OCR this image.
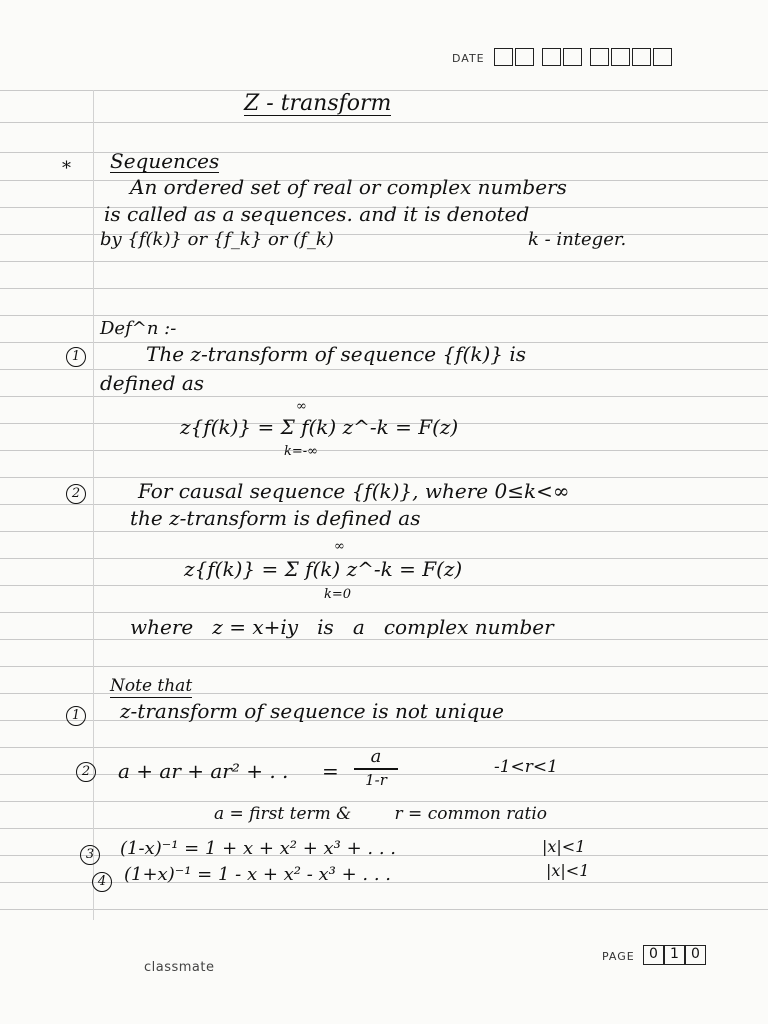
DATE
Z - transform
* Sequences
An ordered set of real or complex numbers
is called as a sequences. and it is denoted
by {f(k)} or {f_k} or (f_k)	k - integer.
Def^n :-
1	The z-transform of sequence {f(k)} is
defined as
∞
z{f(k)} = Σ f(k) z^-k = F(z)
k=-∞
2	For causal sequence {f(k)}, where 0≤k<∞
the z-transform is defined as
∞
z{f(k)} = Σ f(k) z^-k = F(z)
k=0
where   z = x+iy   is   a   complex number
Note that
1 z-transform of sequence is not unique
2 a + ar + ar² + . . =
a
1-r
-1<r<1
a = first term &        r = common ratio
3	(1-x)⁻¹ = 1 + x + x² + x³ + . . .	|x|<1
4 (1+x)⁻¹ = 1 - x + x² - x³ + . . .	|x|<1
PAGE	0 1 0
classmate
